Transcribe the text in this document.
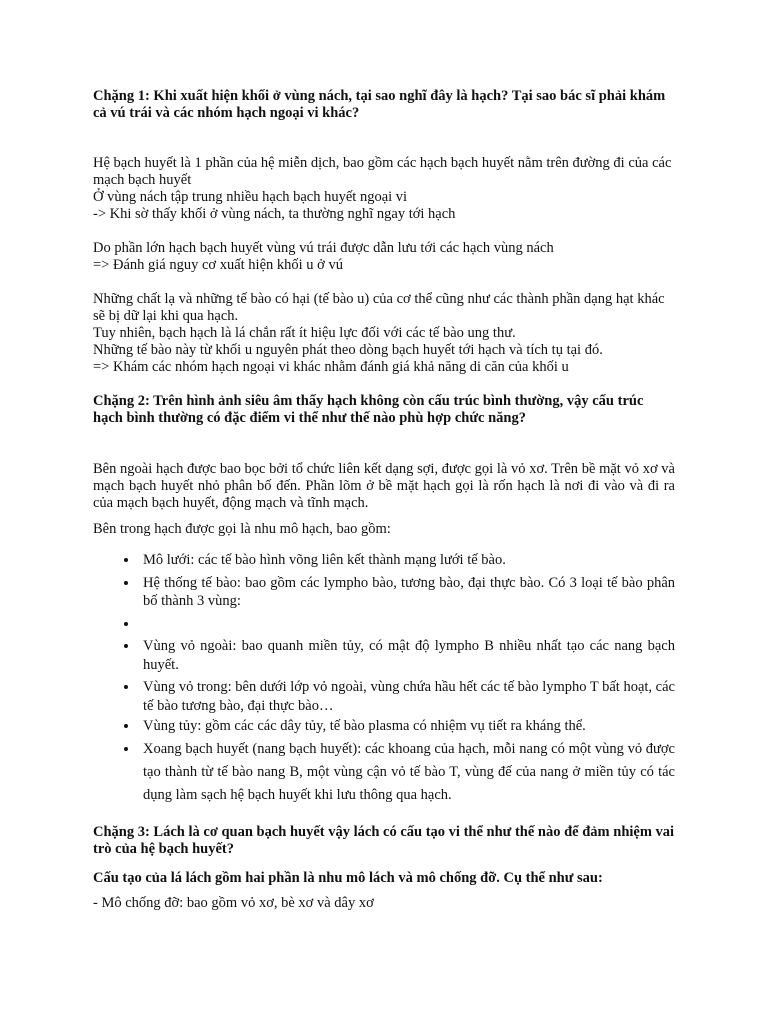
Chặng 1: Khi xuất hiện khối ở vùng nách, tại sao nghĩ đây là hạch? Tại sao bác sĩ phải khám cả vú trái và các nhóm hạch ngoại vi khác?
Hệ bạch huyết là 1 phần của hệ miễn dịch, bao gồm các hạch bạch huyết nằm trên đường đi của các mạch bạch huyết
Ở vùng nách tập trung nhiều hạch bạch huyết ngoại vi
-> Khi sờ thấy khối ở vùng nách, ta thường nghĩ ngay tới hạch
Do phần lớn hạch bạch huyết vùng vú trái được dẫn lưu tới các hạch vùng nách
=> Đánh giá nguy cơ xuất hiện khối u ở vú
Những chất lạ và những tế bào có hại (tế bào u) của cơ thể cũng như các thành phần dạng hạt khác sẽ bị dữ lại khi qua hạch.
Tuy nhiên, bạch hạch là lá chắn rất ít hiệu lực đối với các tế bào ung thư.
Những tế bào này từ khối u nguyên phát theo dòng bạch huyết tới hạch và tích tụ tại đó.
=> Khám các nhóm hạch ngoại vi khác nhằm đánh giá khả năng di căn của khối u
Chặng 2: Trên hình ảnh siêu âm thấy hạch không còn cấu trúc bình thường, vậy cấu trúc hạch bình thường có đặc điểm vi thể như thế nào phù hợp chức năng?
Bên ngoài hạch được bao bọc bởi tổ chức liên kết dạng sợi, được gọi là vỏ xơ. Trên bề mặt vỏ xơ và mạch bạch huyết nhỏ phân bố đến. Phần lõm ở bề mặt hạch gọi là rốn hạch là nơi đi vào và đi ra của mạch bạch huyết, động mạch và tĩnh mạch.
Bên trong hạch được gọi là nhu mô hạch, bao gồm:
• Mô lưới: các tế bào hình võng liên kết thành mạng lưới tế bào.
• Hệ thống tế bào: bao gồm các lympho bào, tương bào, đại thực bào. Có 3 loại tế bào phân bố thành 3 vùng:
•
• Vùng vỏ ngoài: bao quanh miền tủy, có mật độ lympho B nhiều nhất tạo các nang bạch huyết.
• Vùng vỏ trong: bên dưới lớp vỏ ngoài, vùng chứa hầu hết các tế bào lympho T bất hoạt, các tế bào tương bào, đại thực bào…
• Vùng tủy: gồm các các dây tủy, tế bào plasma có nhiệm vụ tiết ra kháng thể.
• Xoang bạch huyết (nang bạch huyết): các khoang của hạch, mỗi nang có một vùng vỏ được tạo thành từ tế bào nang B, một vùng cận vỏ tế bào T, vùng đế của nang ở miền tủy có tác dụng làm sạch hệ bạch huyết khi lưu thông qua hạch.
Chặng 3: Lách là cơ quan bạch huyết vậy lách có cấu tạo vi thể như thế nào để đảm nhiệm vai trò của hệ bạch huyết?
Cấu tạo của lá lách gồm hai phần là nhu mô lách và mô chống đỡ. Cụ thể như sau:
- Mô chống đỡ: bao gồm vỏ xơ, bè xơ và dây xơ
